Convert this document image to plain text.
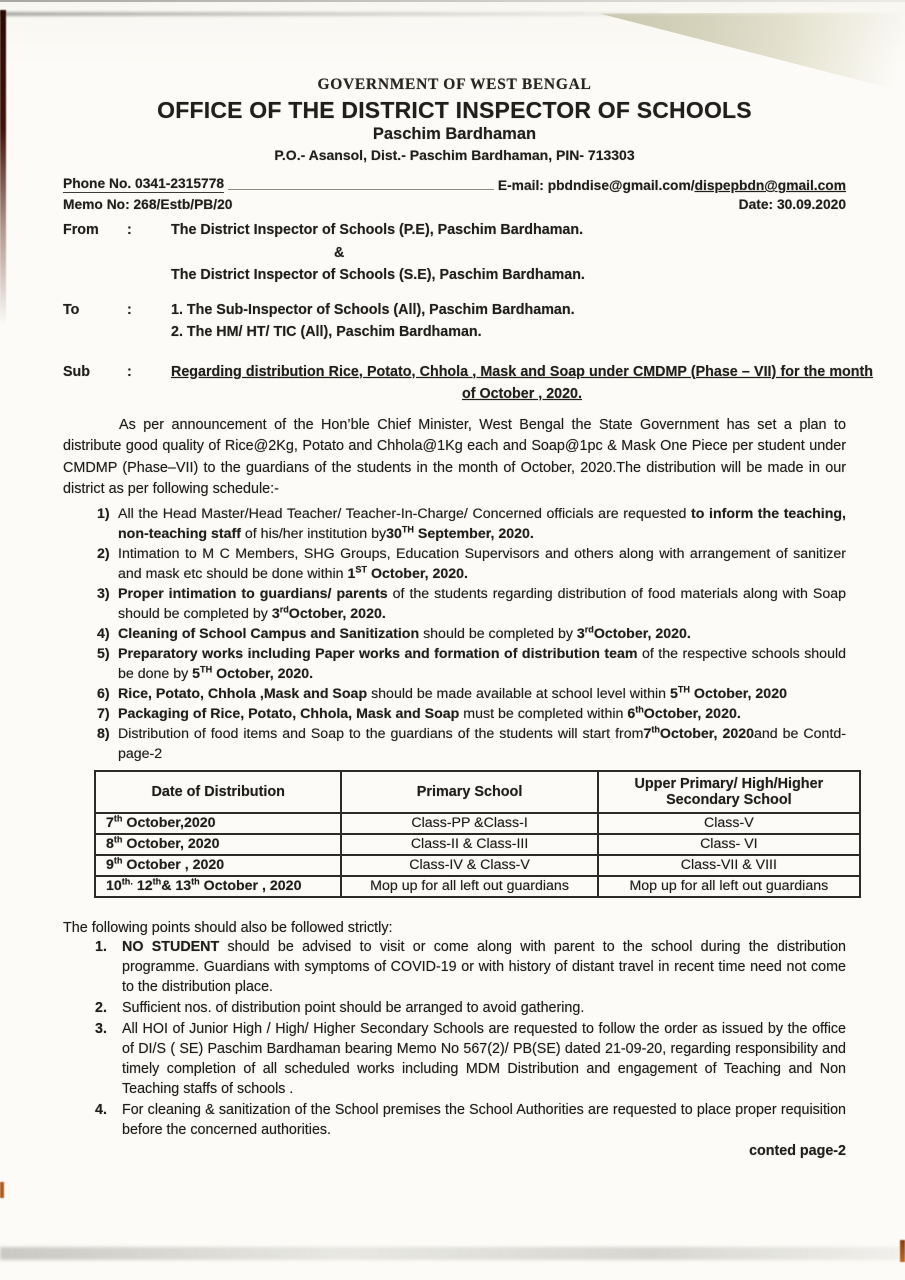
GOVERNMENT OF WEST BENGAL
OFFICE OF THE DISTRICT INSPECTOR OF SCHOOLS
Paschim Bardhaman
P.O.- Asansol, Dist.- Paschim Bardhaman, PIN- 713303
Phone No. 0341-2315778	E-mail: pbdndise@gmail.com/dispepbdn@gmail.com
Memo No: 268/Estb/PB/20	Date: 30.09.2020
From	:	The District Inspector of Schools (P.E), Paschim Bardhaman.
&
The District Inspector of Schools (S.E), Paschim Bardhaman.
To	:	1. The Sub-Inspector of Schools (All), Paschim Bardhaman.
2. The HM/ HT/ TIC (All), Paschim Bardhaman.
Sub	:	Regarding distribution Rice, Potato, Chhola , Mask and Soap under CMDMP (Phase – VII) for the month
of October , 2020.

As per announcement of the Hon’ble Chief Minister, West Bengal the State Government has set a plan to distribute good quality of Rice@2Kg, Potato and Chhola@1Kg each and Soap@1pc & Mask One Piece per student under CMDMP (Phase–VII) to the guardians of the students in the month of October, 2020.The distribution will be made in our district as per following schedule:-

1) All the Head Master/Head Teacher/ Teacher-In-Charge/ Concerned officials are requested to inform the teaching, non-teaching staff of his/her institution by30TH September, 2020.
2) Intimation to M C Members, SHG Groups, Education Supervisors and others along with arrangement of sanitizer and mask etc should be done within 1ST October, 2020.
3) Proper intimation to guardians/ parents of the students regarding distribution of food materials along with Soap should be completed by 3rdOctober, 2020.
4) Cleaning of School Campus and Sanitization should be completed by 3rdOctober, 2020.
5) Preparatory works including Paper works and formation of distribution team of the respective schools should be done by 5TH October, 2020.
6) Rice, Potato, Chhola ,Mask and Soap should be made available at school level within 5TH October, 2020
7) Packaging of Rice, Potato, Chhola, Mask and Soap must be completed within 6thOctober, 2020.
8) Distribution of food items and Soap to the guardians of the students will start from7thOctober, 2020and be Contd-page-2
Date of Distribution	Primary School	Upper Primary/ High/Higher Secondary School
7th October,2020	Class-PP &Class-I	Class-V
8th October, 2020	Class-II & Class-III	Class- VI
9th October , 2020	Class-IV & Class-V	Class-VII & VIII
$10^{th.}$ 12th& 13th October , 2020	Mop up for all left out guardians	Mop up for all left out guardians

The following points should also be followed strictly:

1.	NO STUDENT should be advised to visit or come along with parent to the school during the distribution programme. Guardians with symptoms of COVID-19 or with history of distant travel in recent time need not come to the distribution place.
2.	Sufficient nos. of distribution point should be arranged to avoid gathering.
3.	All HOI of Junior High / High/ Higher Secondary Schools are requested to follow the order as issued by the office of DI/S ( SE) Paschim Bardhaman bearing Memo No 567(2)/ PB(SE) dated 21-09-20, regarding responsibility and timely completion of all scheduled works including MDM Distribution and engagement of Teaching and Non Teaching staffs of schools .
4.	For cleaning & sanitization of the School premises the School Authorities are requested to place proper requisition before the concerned authorities.
conted page-2
